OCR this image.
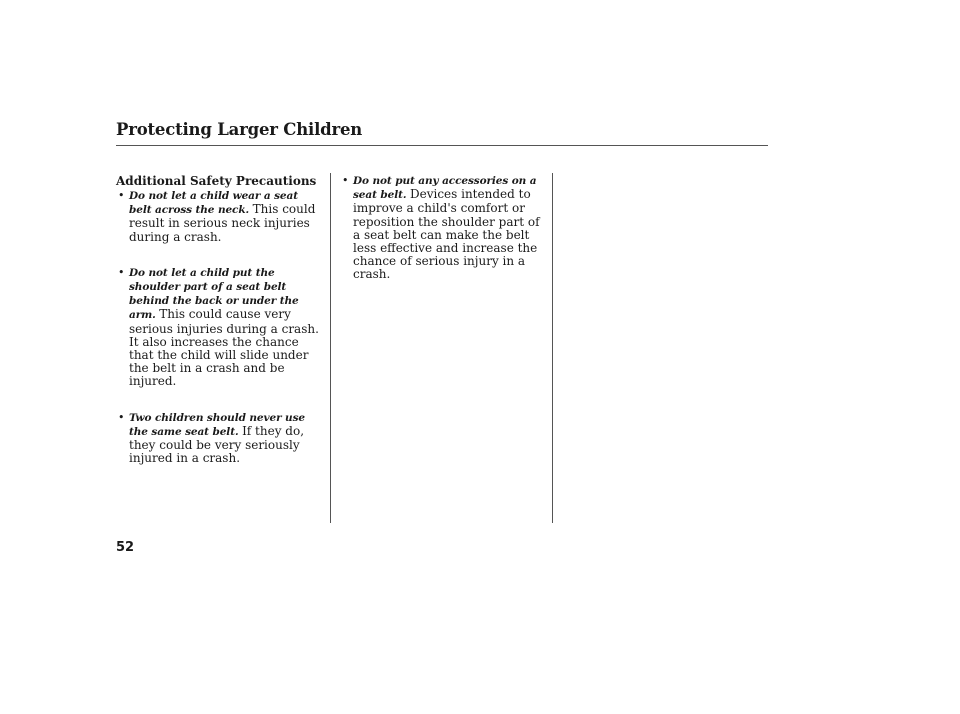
Protecting Larger Children
Additional Safety Precautions
• Do not let a child wear a seat belt across the neck. This could result in serious neck injuries during a crash.
• Do not let a child put the shoulder part of a seat belt behind the back or under the arm. This could cause very serious injuries during a crash. It also increases the chance that the child will slide under the belt in a crash and be injured.
• Two children should never use the same seat belt. If they do, they could be very seriously injured in a crash.
• Do not put any accessories on a seat belt. Devices intended to improve a child's comfort or reposition the shoulder part of a seat belt can make the belt less effective and increase the chance of serious injury in a crash.

52
